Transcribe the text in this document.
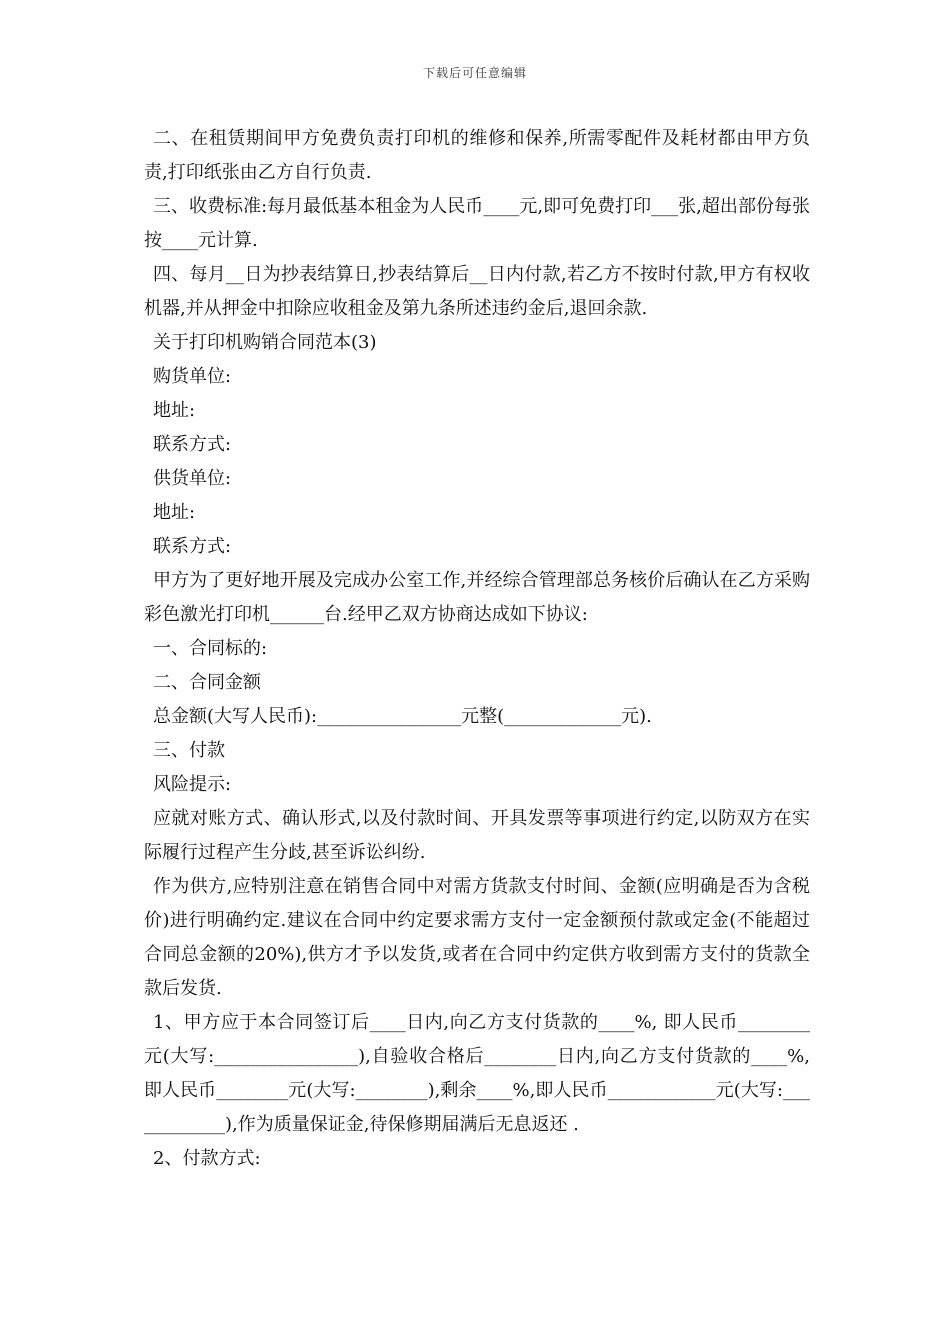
下载后可任意编辑

二、在租赁期间甲方免费负责打印机的维修和保养,所需零配件及耗材都由甲方负责,打印纸张由乙方自行负责.

三、收费标准:每月最低基本租金为人民币____元,即可免费打印___张,超出部份每张按____元计算.

四、每月__日为抄表结算日,抄表结算后__日内付款,若乙方不按时付款,甲方有权收机器,并从押金中扣除应收租金及第九条所述违约金后,退回余款.

关于打印机购销合同范本(3)

购货单位:

地址:

联系方式:

供货单位:

地址:

联系方式:

甲方为了更好地开展及完成办公室工作,并经综合管理部总务核价后确认在乙方采购彩色激光打印机______台.经甲乙双方协商达成如下协议:

一、合同标的:

二、合同金额

总金额(大写人民币):________________元整(_____________元).

三、付款

风险提示:

应就对账方式、确认形式,以及付款时间、开具发票等事项进行约定,以防双方在实际履行过程产生分歧,甚至诉讼纠纷.

作为供方,应特别注意在销售合同中对需方货款支付时间、金额(应明确是否为含税价)进行明确约定.建议在合同中约定要求需方支付一定金额预付款或定金(不能超过合同总金额的20%),供方才予以发货,或者在合同中约定供方收到需方支付的货款全款后发货.

1、甲方应于本合同签订后____日内,向乙方支付货款的____%, 即人民币________元(大写:________________),自验收合格后________日内,向乙方支付货款的____%,即人民币________元(大写:________),剩余____%,即人民币____________元(大写:____________),作为质量保证金,待保修期届满后无息返还 .

2、付款方式:
